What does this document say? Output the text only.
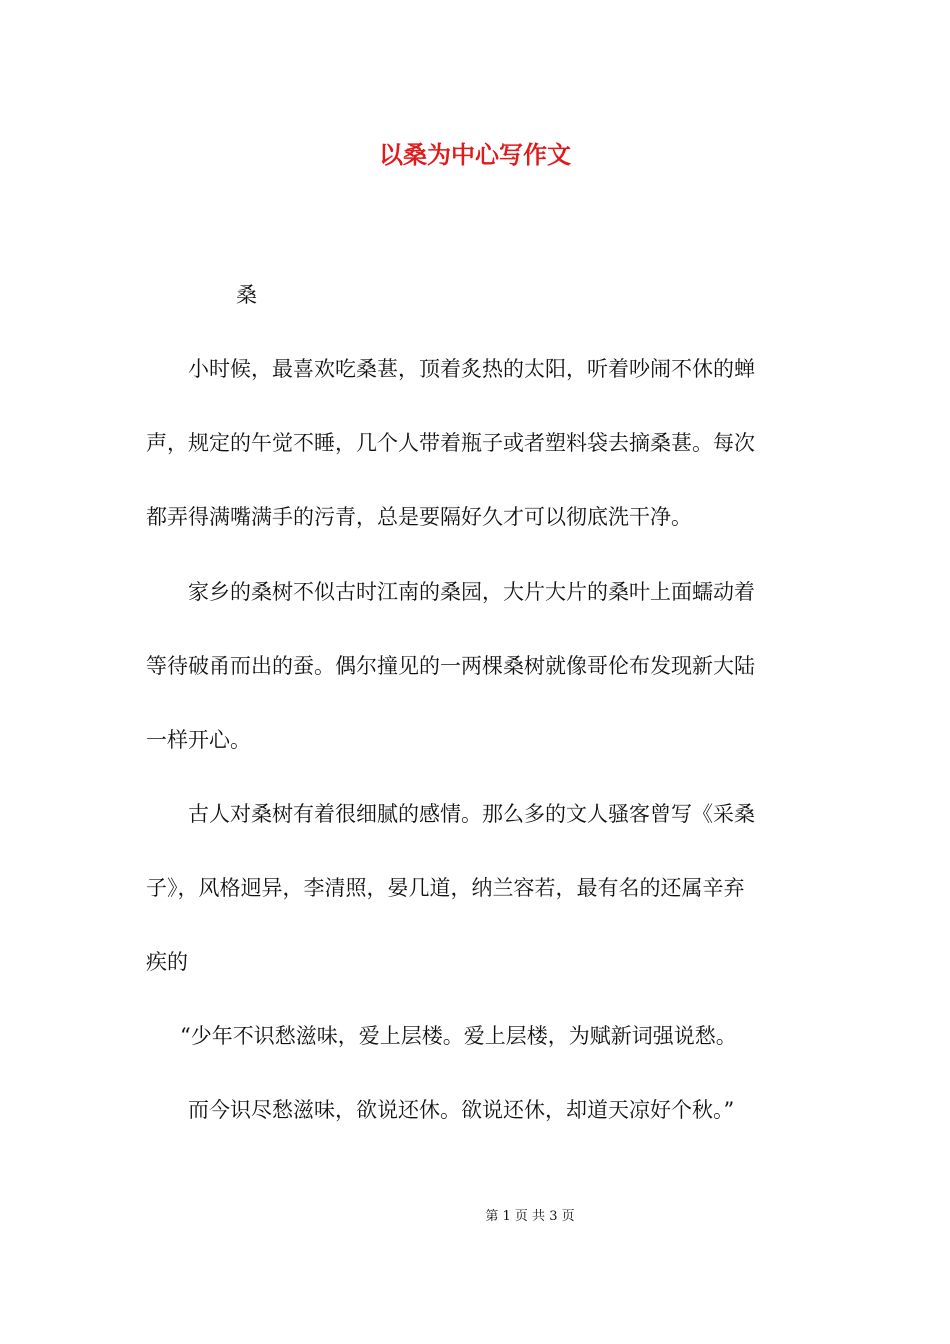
以桑为中心写作文
桑
小时候，最喜欢吃桑葚，顶着炙热的太阳，听着吵闹不休的蝉
声，规定的午觉不睡，几个人带着瓶子或者塑料袋去摘桑葚。每次
都弄得满嘴满手的污青，总是要隔好久才可以彻底洗干净。
家乡的桑树不似古时江南的桑园，大片大片的桑叶上面蠕动着
等待破甬而出的蚕。偶尔撞见的一两棵桑树就像哥伦布发现新大陆
一样开心。
古人对桑树有着很细腻的感情。那么多的文人骚客曾写《采桑
子》，风格迥异，李清照，晏几道，纳兰容若，最有名的还属辛弃
疾的
“少年不识愁滋味，爱上层楼。爱上层楼，为赋新词强说愁。
而今识尽愁滋味，欲说还休。欲说还休，却道天凉好个秋。”
第 1 页 共 3 页
